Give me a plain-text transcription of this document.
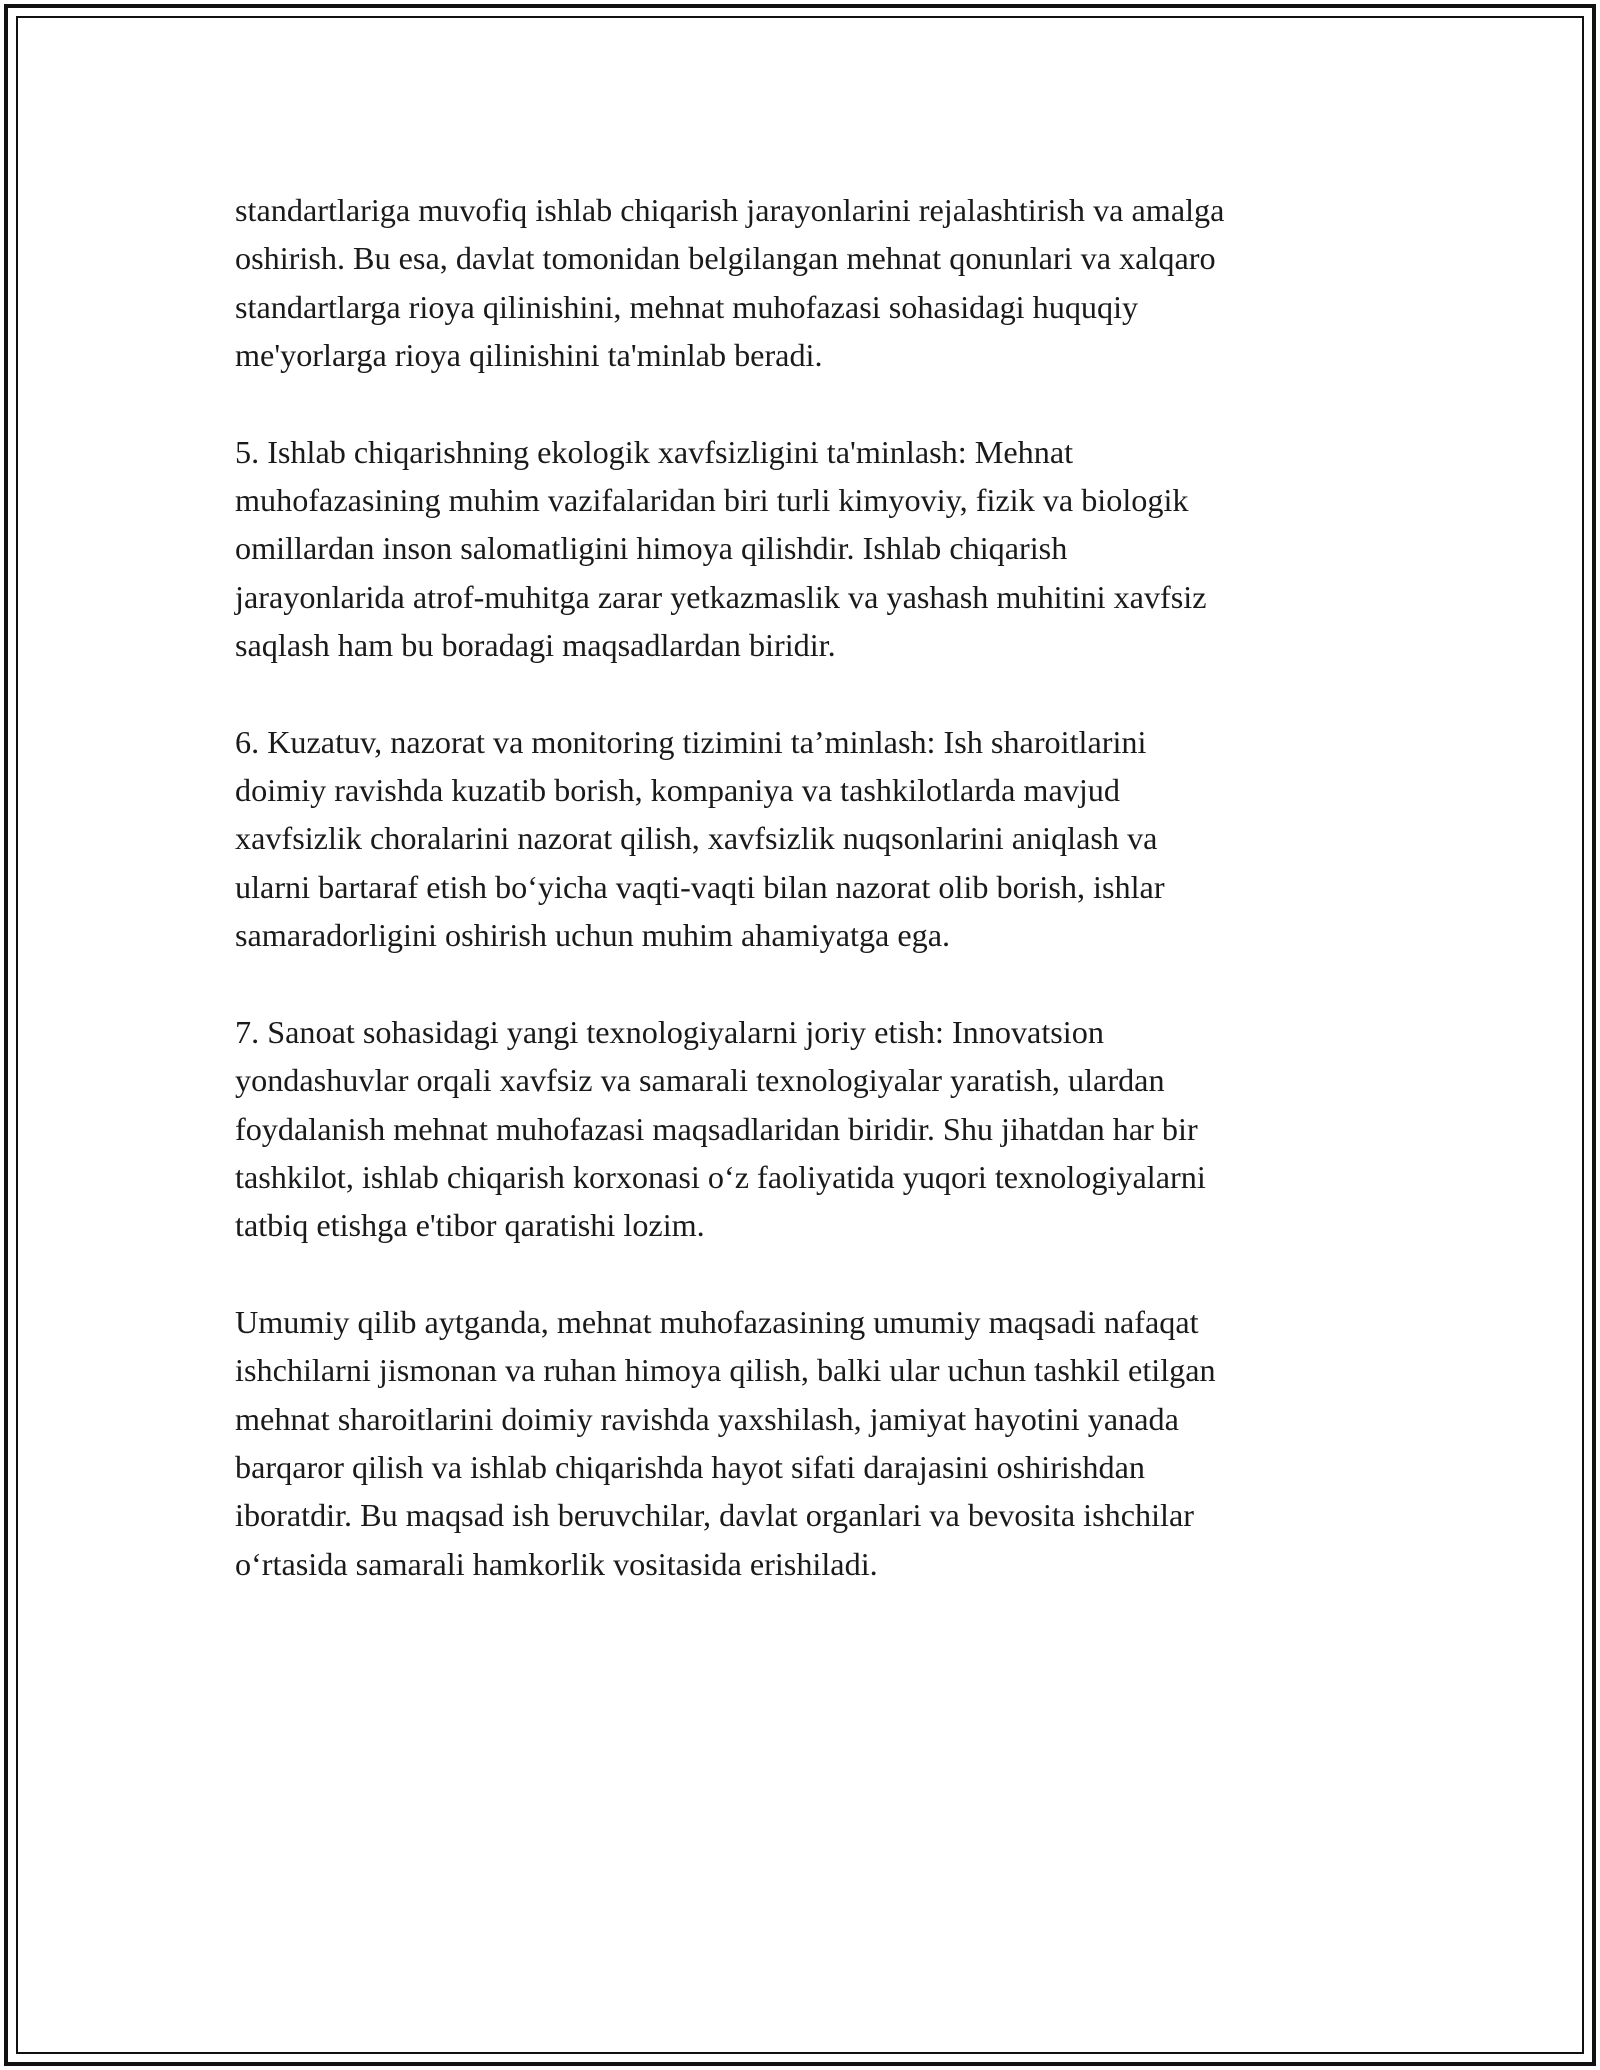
standartlariga muvofiq ishlab chiqarish jarayonlarini rejalashtirish va amalga
oshirish. Bu esa, davlat tomonidan belgilangan mehnat qonunlari va xalqaro
standartlarga rioya qilinishini, mehnat muhofazasi sohasidagi huquqiy
me'yorlarga rioya qilinishini ta'minlab beradi.

5. Ishlab chiqarishning ekologik xavfsizligini ta'minlash: Mehnat
muhofazasining muhim vazifalaridan biri turli kimyoviy, fizik va biologik
omillardan inson salomatligini himoya qilishdir. Ishlab chiqarish
jarayonlarida atrof-muhitga zarar yetkazmaslik va yashash muhitini xavfsiz
saqlash ham bu boradagi maqsadlardan biridir.

6. Kuzatuv, nazorat va monitoring tizimini ta’minlash: Ish sharoitlarini
doimiy ravishda kuzatib borish, kompaniya va tashkilotlarda mavjud
xavfsizlik choralarini nazorat qilish, xavfsizlik nuqsonlarini aniqlash va
ularni bartaraf etish bo‘yicha vaqti-vaqti bilan nazorat olib borish, ishlar
samaradorligini oshirish uchun muhim ahamiyatga ega.

7. Sanoat sohasidagi yangi texnologiyalarni joriy etish: Innovatsion
yondashuvlar orqali xavfsiz va samarali texnologiyalar yaratish, ulardan
foydalanish mehnat muhofazasi maqsadlaridan biridir. Shu jihatdan har bir
tashkilot, ishlab chiqarish korxonasi o‘z faoliyatida yuqori texnologiyalarni
tatbiq etishga e'tibor qaratishi lozim.

Umumiy qilib aytganda, mehnat muhofazasining umumiy maqsadi nafaqat
ishchilarni jismonan va ruhan himoya qilish, balki ular uchun tashkil etilgan
mehnat sharoitlarini doimiy ravishda yaxshilash, jamiyat hayotini yanada
barqaror qilish va ishlab chiqarishda hayot sifati darajasini oshirishdan
iboratdir. Bu maqsad ish beruvchilar, davlat organlari va bevosita ishchilar
o‘rtasida samarali hamkorlik vositasida erishiladi.
